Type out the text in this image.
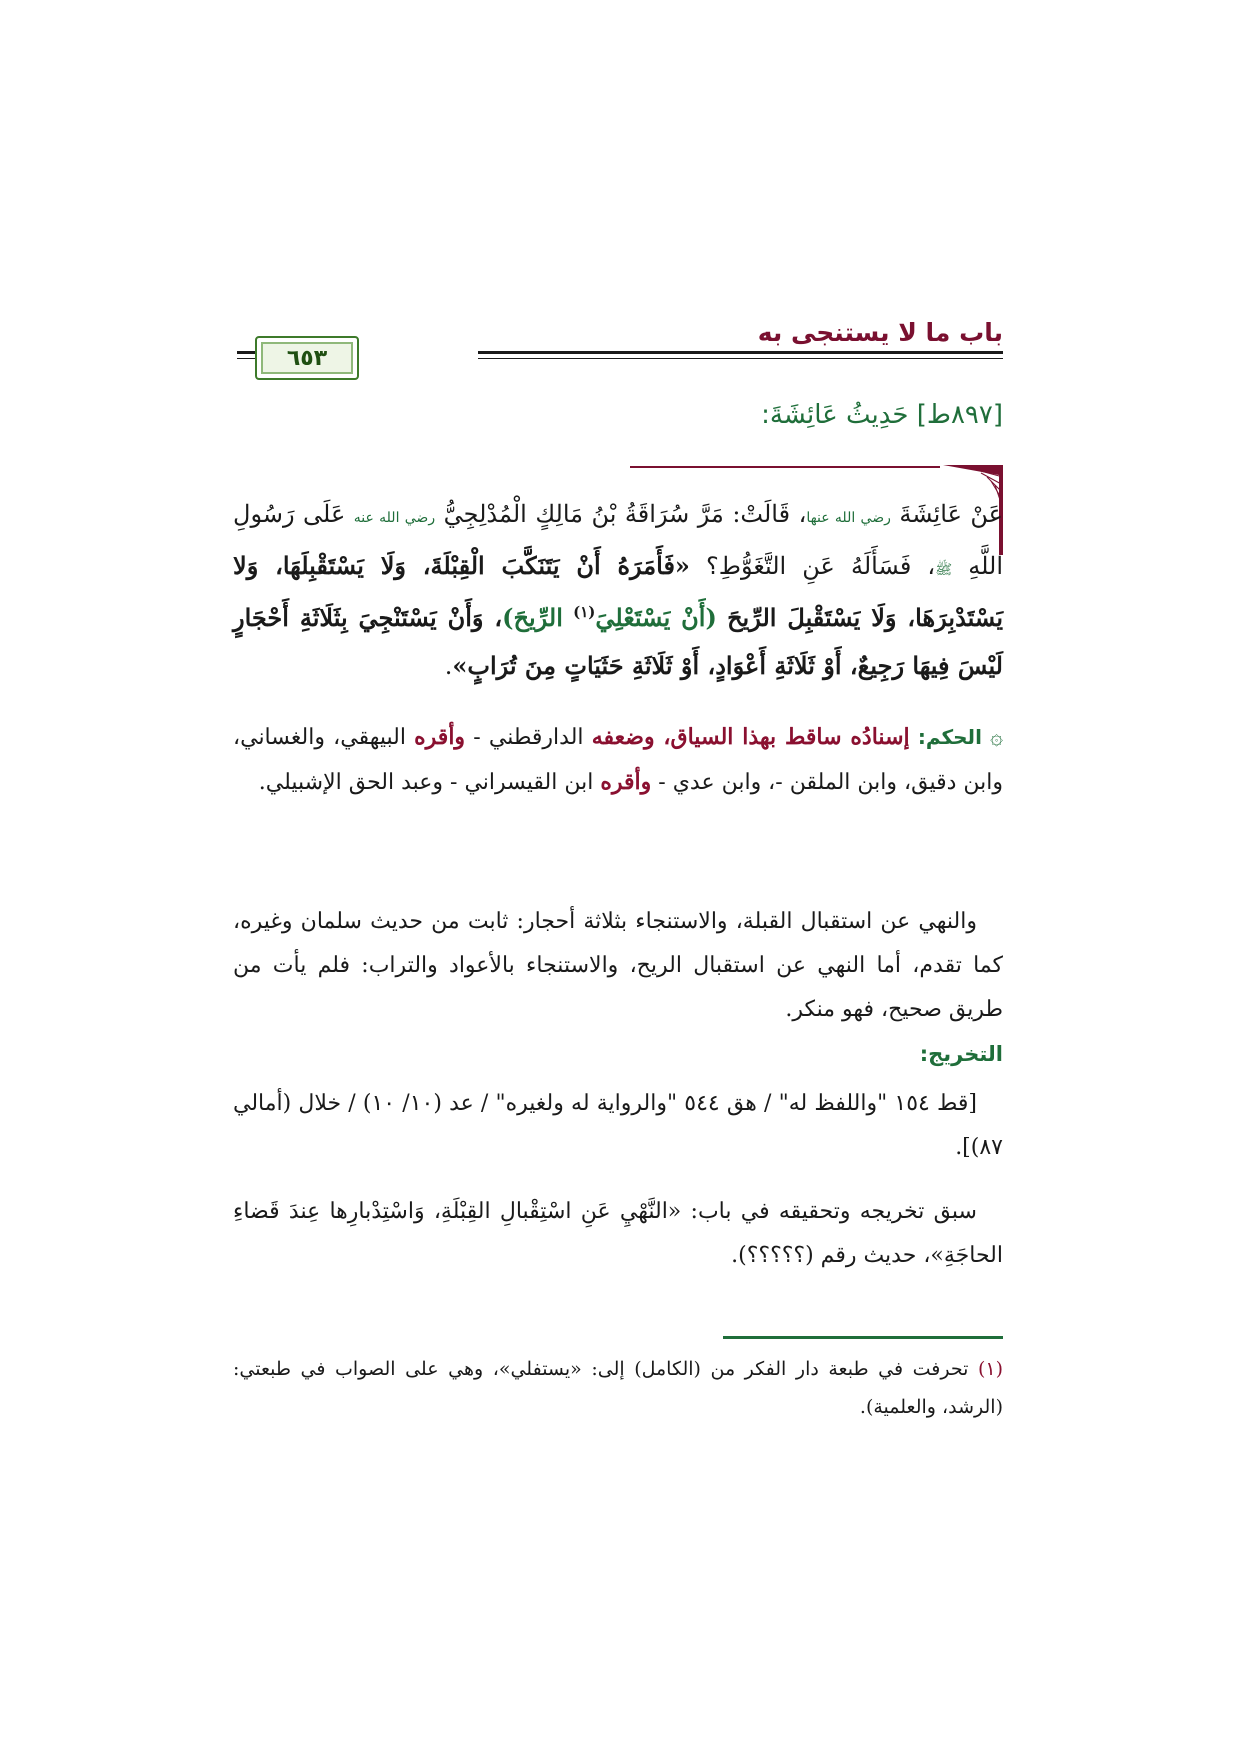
باب ما لا يستنجى به
٦٥٣
[٨٩٧ط] حَدِيثُ عَائِشَةَ:
عَنْ عَائِشَةَ رضي الله عنها، قَالَتْ: مَرَّ سُرَاقَةُ بْنُ مَالِكٍ الْمُدْلِجِيُّ رضي الله عنه عَلَى رَسُولِ اللَّهِ ﷺ، فَسَأَلَهُ عَنِ التَّغَوُّطِ؟ «فَأَمَرَهُ أَنْ يَتَنَكَّبَ الْقِبْلَةَ، وَلَا يَسْتَقْبِلَهَا، وَلا يَسْتَدْبِرَهَا، وَلَا يَسْتَقْبِلَ الرِّيحَ (أَنْ يَسْتَعْلِيَ$^{(١)}$ الرِّيحَ)، وَأَنْ يَسْتَنْجِيَ بِثَلَاثَةِ أَحْجَارٍ لَيْسَ فِيهَا رَجِيعٌ، أَوْ ثَلَاثَةِ أَعْوَادٍ، أَوْ ثَلَاثَةِ حَثَيَاتٍ مِنَ تُرَابٍ».
۞ الحكم: إسنادُه ساقط بهذا السياق، وضعفه الدارقطني - وأقره البيهقي، والغساني، وابن دقيق، وابن الملقن -، وابن عدي - وأقره ابن القيسراني - وعبد الحق الإشبيلي.
والنهي عن استقبال القبلة، والاستنجاء بثلاثة أحجار: ثابت من حديث سلمان وغيره، كما تقدم، أما النهي عن استقبال الريح، والاستنجاء بالأعواد والتراب: فلم يأت من طريق صحيح، فهو منكر.
التخريج:
[قط ١٥٤ "واللفظ له" / هق ٥٤٤ "والرواية له ولغيره" / عد (١٠/ ١٠) / خلال (أمالي ٨٧)].
سبق تخريجه وتحقيقه في باب: «النَّهْيِ عَنِ اسْتِقْبالِ القِبْلَةِ، وَاسْتِدْبارِها عِندَ قَضاءِ الحاجَةِ»، حديث رقم (؟؟؟؟؟).
(١) تحرفت في طبعة دار الفكر من (الكامل) إلى: «يستفلي»، وهي على الصواب في طبعتي: (الرشد، والعلمية).
